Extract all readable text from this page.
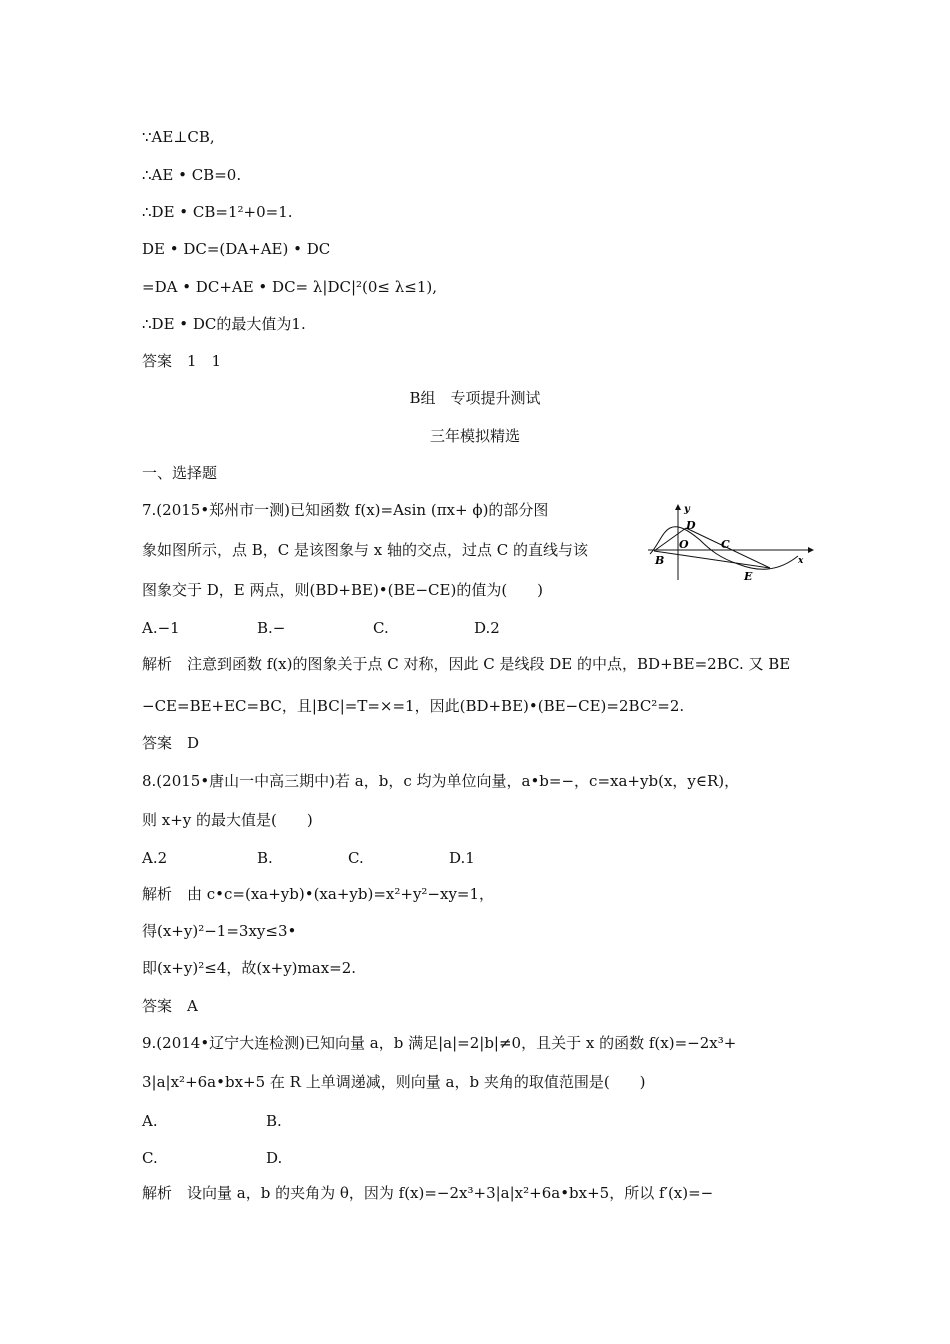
∵AE⊥CB,
∴AE • CB=0.
∴DE • CB=1²+0=1.
DE • DC=(DA+AE) • DC
=DA • DC+AE • DC= λ|DC|²(0≤ λ≤1),
∴DE • DC的最大值为1.
答案　1　1
一、选择题
7.(2015•郑州市一测)已知函数 f(x)=Asin (πx+ ϕ)的部分图
象如图所示，点 B，C 是该图象与 x 轴的交点，过点 C 的直线与该
图象交于 D，E 两点，则(BD+BE)•(BE−CE)的值为(　　)
解析　注意到函数 f(x)的图象关于点 C 对称，因此 C 是线段 DE 的中点，BD+BE=2BC. 又 BE
−CE=BE+EC=BC，且|BC|=T=×=1，因此(BD+BE)•(BE−CE)=2BC²=2.
答案　D
8.(2015•唐山一中高三期中)若 a，b，c 均为单位向量，a•b=−，c=xa+yb(x，y∈R)，
则 x+y 的最大值是(　　)
解析　由 c•c=(xa+yb)•(xa+yb)=x²+y²−xy=1，
得(x+y)²−1=3xy≤3•
即(x+y)²≤4，故(x+y)max=2.
答案　A
9.(2014•辽宁大连检测)已知向量 a，b 满足|a|=2|b|≠0，且关于 x 的函数 f(x)=−2x³+
3|a|x²+6a•bx+5 在 R 上单调递减，则向量 a，b 夹角的取值范围是(　　)
解析　设向量 a，b 的夹角为 θ，因为 f(x)=−2x³+3|a|x²+6a•bx+5，所以 f′(x)=−
B组　专项提升测试
三年模拟精选
A.−1	B.−	C.	D.2
A.2	B.	C.	D.1
A.	B.
C.	D.
y
D
O	C
x
B
E
